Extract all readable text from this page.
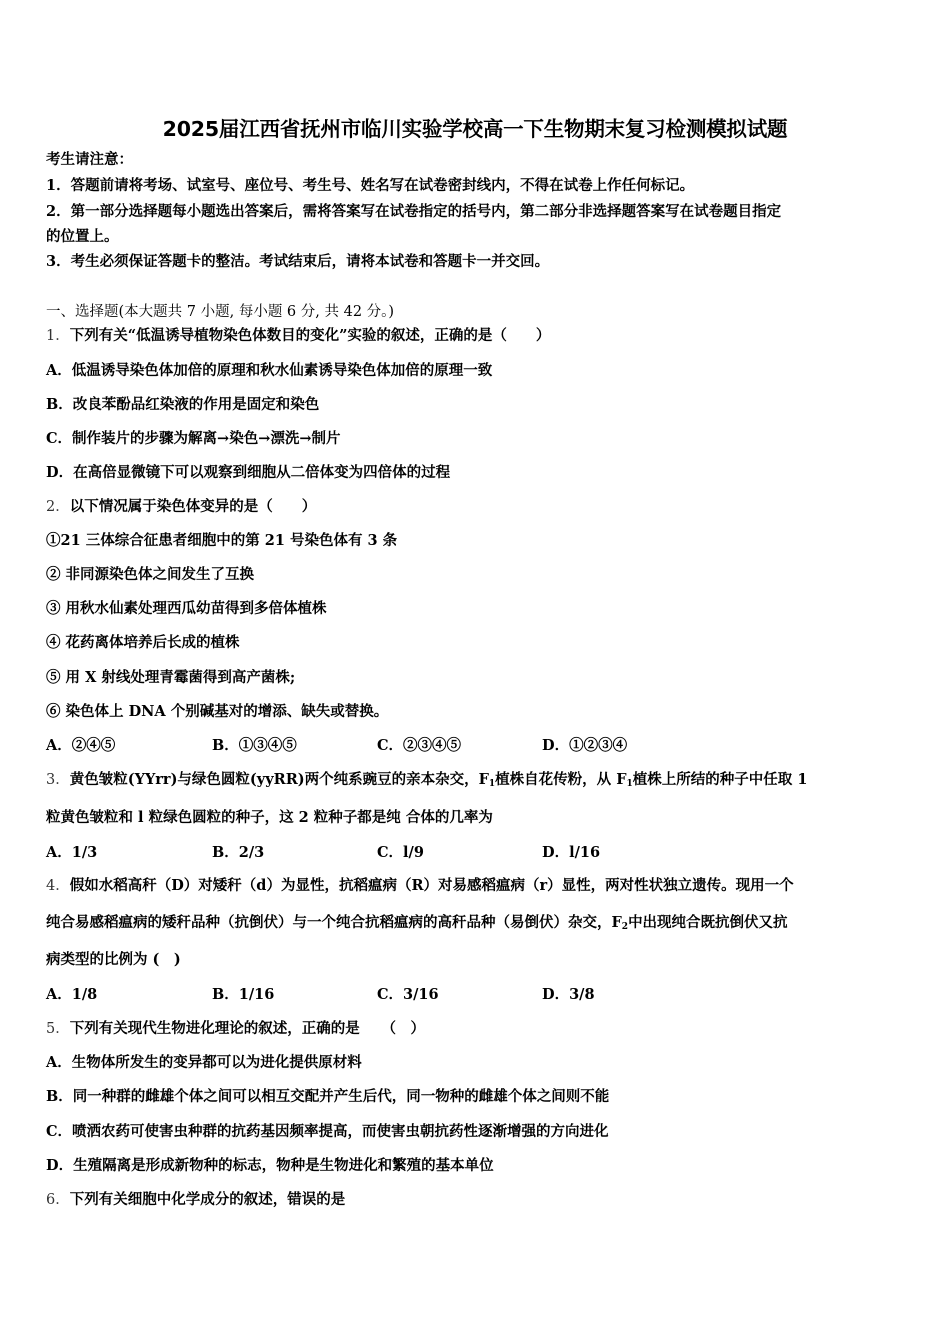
2025届江西省抚州市临川实验学校高一下生物期末复习检测模拟试题
考生请注意：
1．答题前请将考场、试室号、座位号、考生号、姓名写在试卷密封线内，不得在试卷上作任何标记。
2．第一部分选择题每小题选出答案后，需将答案写在试卷指定的括号内，第二部分非选择题答案写在试卷题目指定
的位置上。
3．考生必须保证答题卡的整洁。考试结束后，请将本试卷和答题卡一并交回。
一、选择题(本大题共 7 小题, 每小题 6 分, 共 42 分。)
1．下列有关“低温诱导植物染色体数目的变化”实验的叙述，正确的是（　　）
A．低温诱导染色体加倍的原理和秋水仙素诱导染色体加倍的原理一致
B．改良苯酚品红染液的作用是固定和染色
C．制作装片的步骤为解离→染色→漂洗→制片
D．在高倍显微镜下可以观察到细胞从二倍体变为四倍体的过程
2．以下情况属于染色体变异的是（　　）
①21 三体综合征患者细胞中的第 21 号染色体有 3 条
② 非同源染色体之间发生了互换
③ 用秋水仙素处理西瓜幼苗得到多倍体植株
④ 花药离体培养后长成的植株
⑤ 用 X 射线处理青霉菌得到高产菌株;
⑥ 染色体上 DNA 个别碱基对的增添、缺失或替换。
A．②④⑤	B．①③④⑤	C．②③④⑤	D．①②③④
3．黄色皱粒(YYrr)与绿色圆粒(yyRR)两个纯系豌豆的亲本杂交，$F_1$植株自花传粉，从 $F_1$植株上所结的种子中任取 1
粒黄色皱粒和 l 粒绿色圆粒的种子，这 2 粒种子都是纯 合体的几率为
A．1/3	B．2/3	C．l/9	D．l/16
4．假如水稻高秆（D）对矮秆（d）为显性，抗稻瘟病（R）对易感稻瘟病（r）显性，两对性状独立遗传。现用一个
纯合易感稻瘟病的矮秆品种（抗倒伏）与一个纯合抗稻瘟病的高秆品种（易倒伏）杂交，$F_2$中出现纯合既抗倒伏又抗
病类型的比例为 (　)
A．1/8	B．1/16	C．3/16	D．3/8
5．下列有关现代生物进化理论的叙述，正确的是　　（　）
A．生物体所发生的变异都可以为进化提供原材料
B．同一种群的雌雄个体之间可以相互交配并产生后代，同一物种的雌雄个体之间则不能
C．喷洒农药可使害虫种群的抗药基因频率提高，而使害虫朝抗药性逐渐增强的方向进化
D．生殖隔离是形成新物种的标志，物种是生物进化和繁殖的基本单位
6．下列有关细胞中化学成分的叙述，错误的是
